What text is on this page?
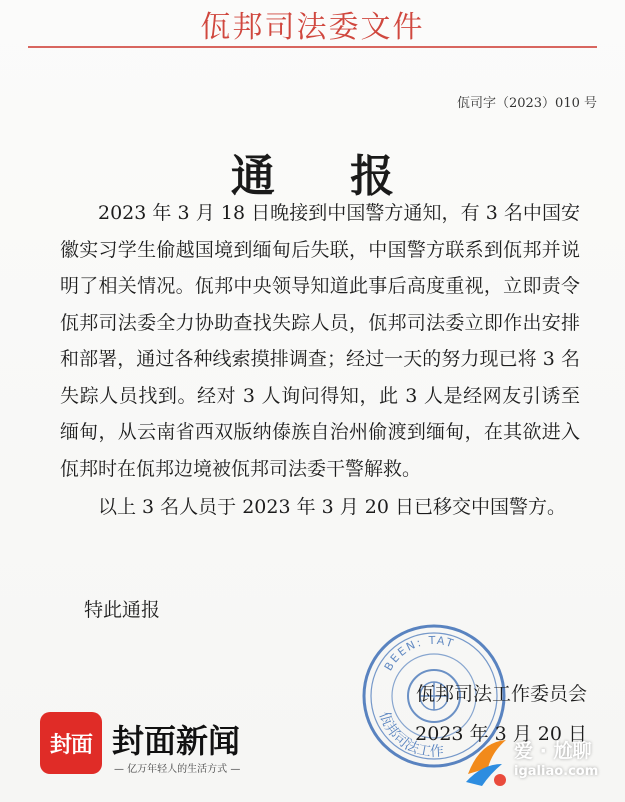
佤邦司法委文件
佤司字（2023）010 号
通 报

2023 年 3 月 18 日晚接到中国警方通知，有 3 名中国安徽实习学生偷越国境到缅甸后失联，中国警方联系到佤邦并说明了相关情况。佤邦中央领导知道此事后高度重视，立即责令佤邦司法委全力协助查找失踪人员，佤邦司法委立即作出安排和部署，通过各种线索摸排调查；经过一天的努力现已将 3 名失踪人员找到。经对 3 人询问得知，此 3 人是经网友引诱至缅甸，从云南省西双版纳傣族自治州偷渡到缅甸，在其欲进入佤邦时在佤邦边境被佤邦司法委干警解救。

以上 3 名人员于 2023 年 3 月 20 日已移交中国警方。

特此通报
佤邦司法工作
BEEN: TAT
佤邦司法工作委员会
2023 年 3 月 20 日
封面 封面新闻
— 亿万年轻人的生活方式 —
爱 · 尬聊
igaliao.com
